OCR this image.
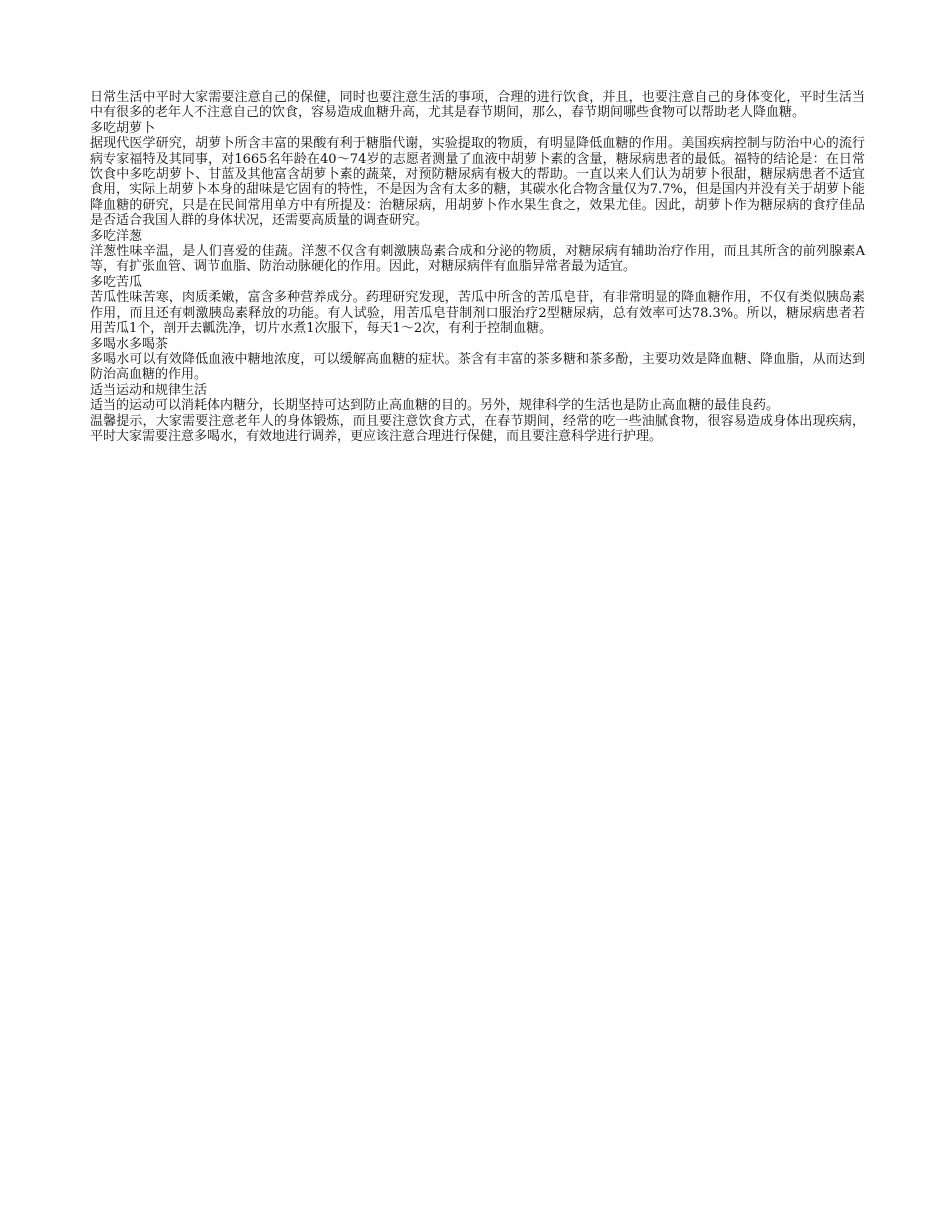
日常生活中平时大家需要注意自己的保健，同时也要注意生活的事项，合理的进行饮食，并且，也要注意自己的身体变化，平时生活当中有很多的老年人不注意自己的饮食，容易造成血糖升高，尤其是春节期间，那么，春节期间哪些食物可以帮助老人降血糖。

多吃胡萝卜

据现代医学研究，胡萝卜所含丰富的果酸有利于糖脂代谢，实验提取的物质，有明显降低血糖的作用。美国疾病控制与防治中心的流行病专家福特及其同事，对1665名年龄在40～74岁的志愿者测量了血液中胡萝卜素的含量，糖尿病患者的最低。福特的结论是：在日常饮食中多吃胡萝卜、甘蓝及其他富含胡萝卜素的蔬菜，对预防糖尿病有极大的帮助。一直以来人们认为胡萝卜很甜，糖尿病患者不适宜食用，实际上胡萝卜本身的甜味是它固有的特性，不是因为含有太多的糖，其碳水化合物含量仅为7.7%，但是国内并没有关于胡萝卜能降血糖的研究，只是在民间常用单方中有所提及：治糖尿病，用胡萝卜作水果生食之，效果尤佳。因此，胡萝卜作为糖尿病的食疗佳品是否适合我国人群的身体状况，还需要高质量的调查研究。

多吃洋葱

洋葱性味辛温，是人们喜爱的佳蔬。洋葱不仅含有刺激胰岛素合成和分泌的物质，对糖尿病有辅助治疗作用，而且其所含的前列腺素A等，有扩张血管、调节血脂、防治动脉硬化的作用。因此，对糖尿病伴有血脂异常者最为适宜。

多吃苦瓜

苦瓜性味苦寒，肉质柔嫩，富含多种营养成分。药理研究发现，苦瓜中所含的苦瓜皂苷，有非常明显的降血糖作用，不仅有类似胰岛素作用，而且还有刺激胰岛素释放的功能。有人试验，用苦瓜皂苷制剂口服治疗2型糖尿病，总有效率可达78.3%。所以，糖尿病患者若用苦瓜1个，剖开去瓤洗净，切片水煮1次服下，每天1～2次，有利于控制血糖。

多喝水多喝茶

多喝水可以有效降低血液中糖地浓度，可以缓解高血糖的症状。茶含有丰富的茶多糖和茶多酚，主要功效是降血糖、降血脂，从而达到防治高血糖的作用。

适当运动和规律生活

适当的运动可以消耗体内糖分，长期坚持可达到防止高血糖的目的。另外，规律科学的生活也是防止高血糖的最佳良药。

温馨提示，大家需要注意老年人的身体锻炼，而且要注意饮食方式，在春节期间，经常的吃一些油腻食物，很容易造成身体出现疾病，平时大家需要注意多喝水，有效地进行调养，更应该注意合理进行保健，而且要注意科学进行护理。
